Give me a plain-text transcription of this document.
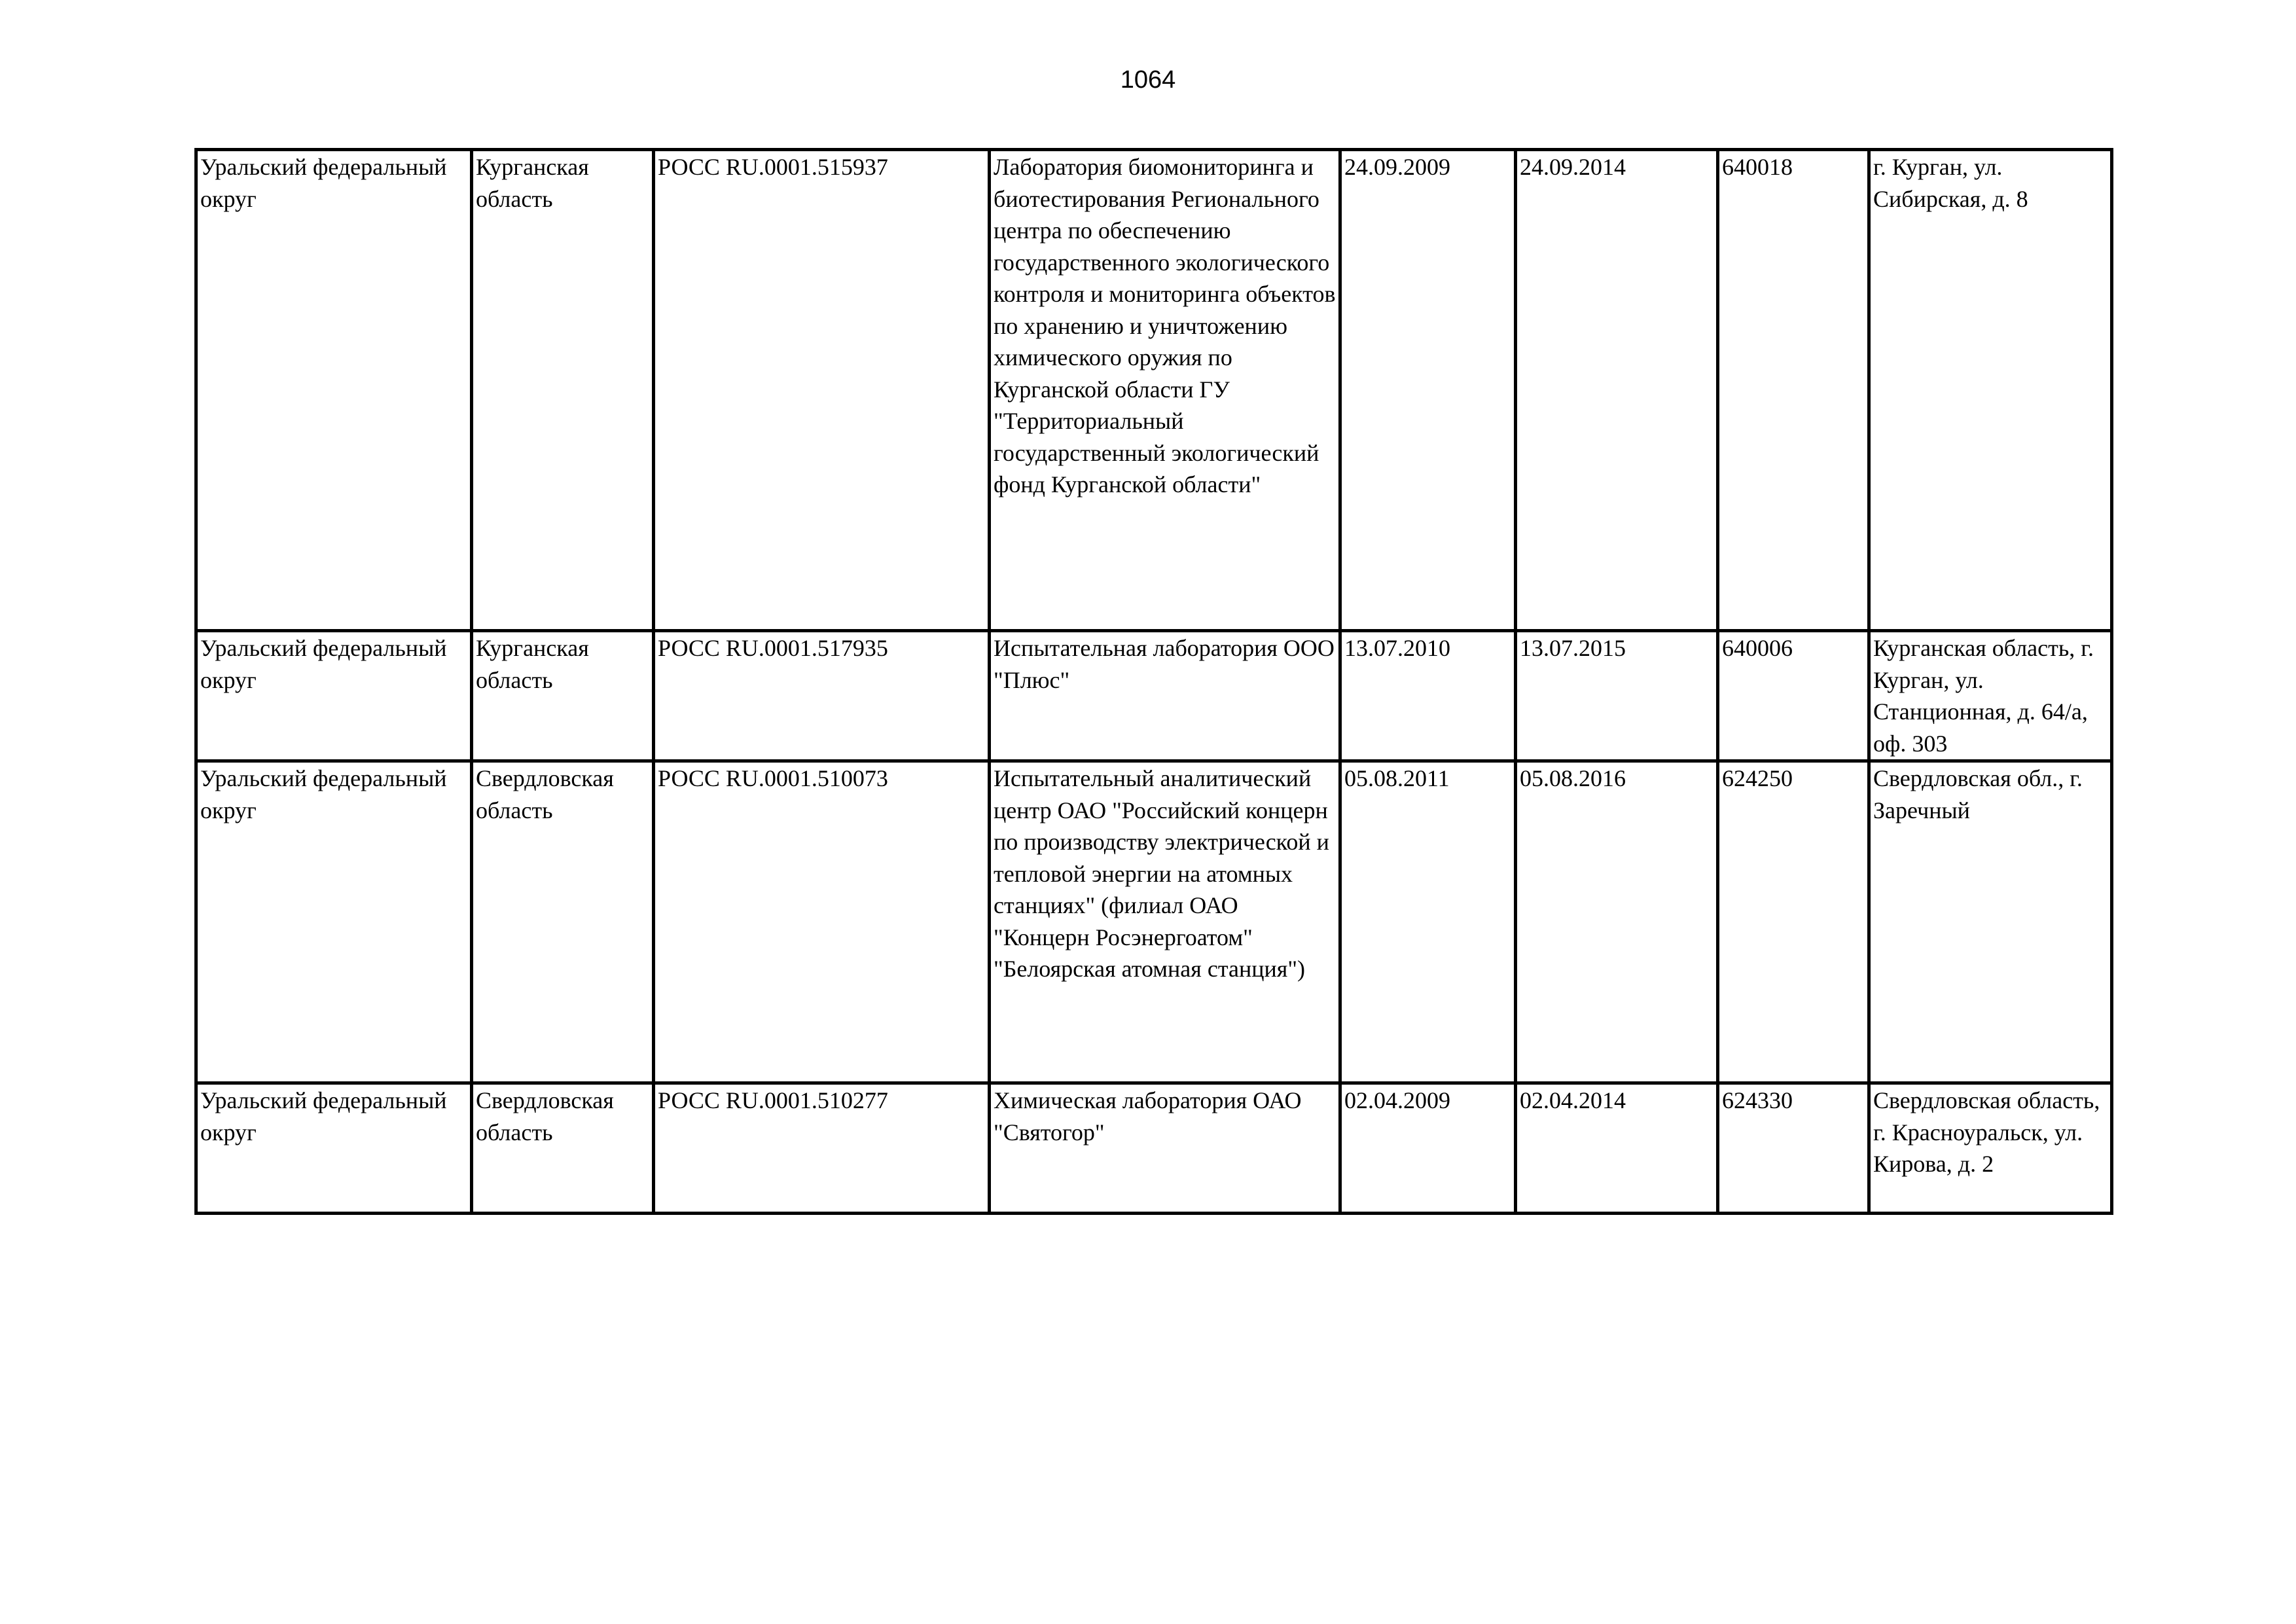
1064
Уральский федеральный округ	Курганская область	РОСС RU.0001.515937	Лаборатория биомониторинга и биотестирования Регионального центра по обеспечению государственного экологического контроля и мониторинга объектов по хранению и уничтожению химического оружия по Курганской области ГУ "Территориальный государственный экологический фонд Курганской области"	24.09.2009	24.09.2014	640018	г. Курган, ул. Сибирская, д. 8

Уральский федеральный округ	Курганская область	РОСС RU.0001.517935	Испытательная лаборатория ООО "Плюс"	13.07.2010	13.07.2015	640006	Курганская область, г. Курган, ул. Станционная, д. 64/а, оф. 303

Уральский федеральный округ	Свердловская область	РОСС RU.0001.510073	Испытательный аналитический центр ОАО "Российский концерн по производству электрической и тепловой энергии на атомных станциях" (филиал ОАО "Концерн Росэнергоатом" "Белоярская атомная станция")	05.08.2011	05.08.2016	624250	Свердловская обл., г. Заречный

Уральский федеральный округ	Свердловская область	РОСС RU.0001.510277	Химическая лаборатория ОАО "Святогор"	02.04.2009	02.04.2014	624330	Свердловская область, г. Красноуральск, ул. Кирова, д. 2
